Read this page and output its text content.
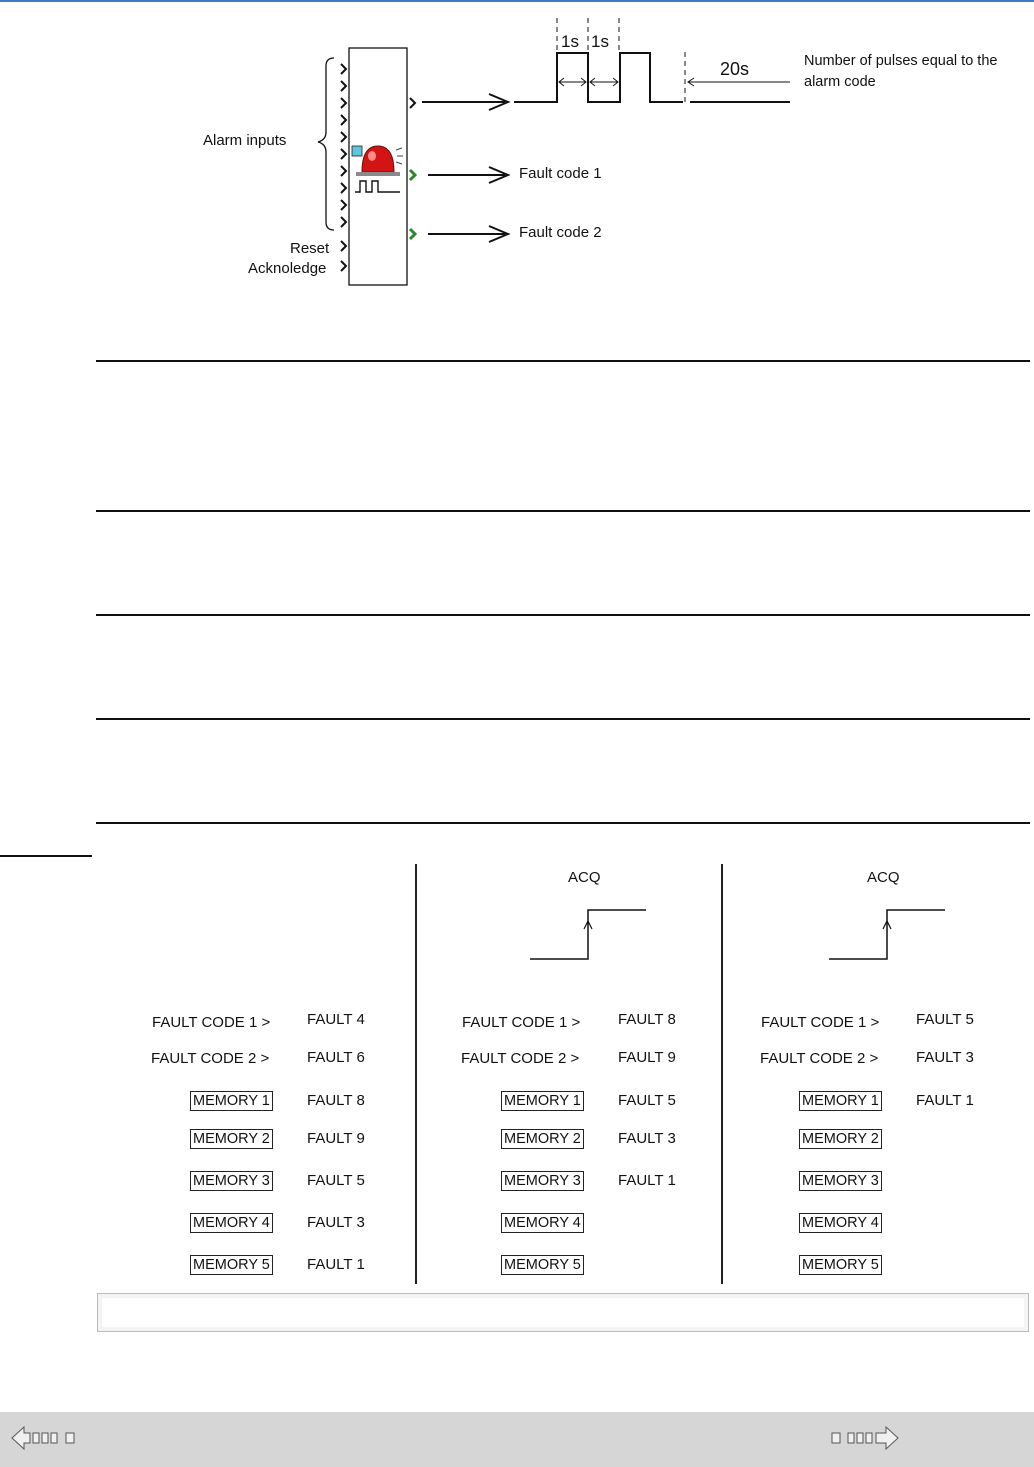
Alarm inputs
Reset
Acknoledge
Fault code 1
Fault code 2
1s 1s
20s	Number of pulses equal to the alarm code
FAULT CODE 1 >
FAULT CODE 2 >
FAULT 4
FAULT 6
MEMORY 1
MEMORY 2
MEMORY 3
MEMORY 4
MEMORY 5
FAULT 8
FAULT 9
FAULT 5
FAULT 3
FAULT 1
ACQ
FAULT CODE 1 >
FAULT CODE 2 >
FAULT 8
FAULT 9
MEMORY 1
MEMORY 2
MEMORY 3
MEMORY 4
MEMORY 5
FAULT 5
FAULT 3
FAULT 1
ACQ
FAULT CODE 1 >
FAULT CODE 2 >
FAULT 5
FAULT 3
MEMORY 1
MEMORY 2
MEMORY 3
MEMORY 4
MEMORY 5
FAULT 1
